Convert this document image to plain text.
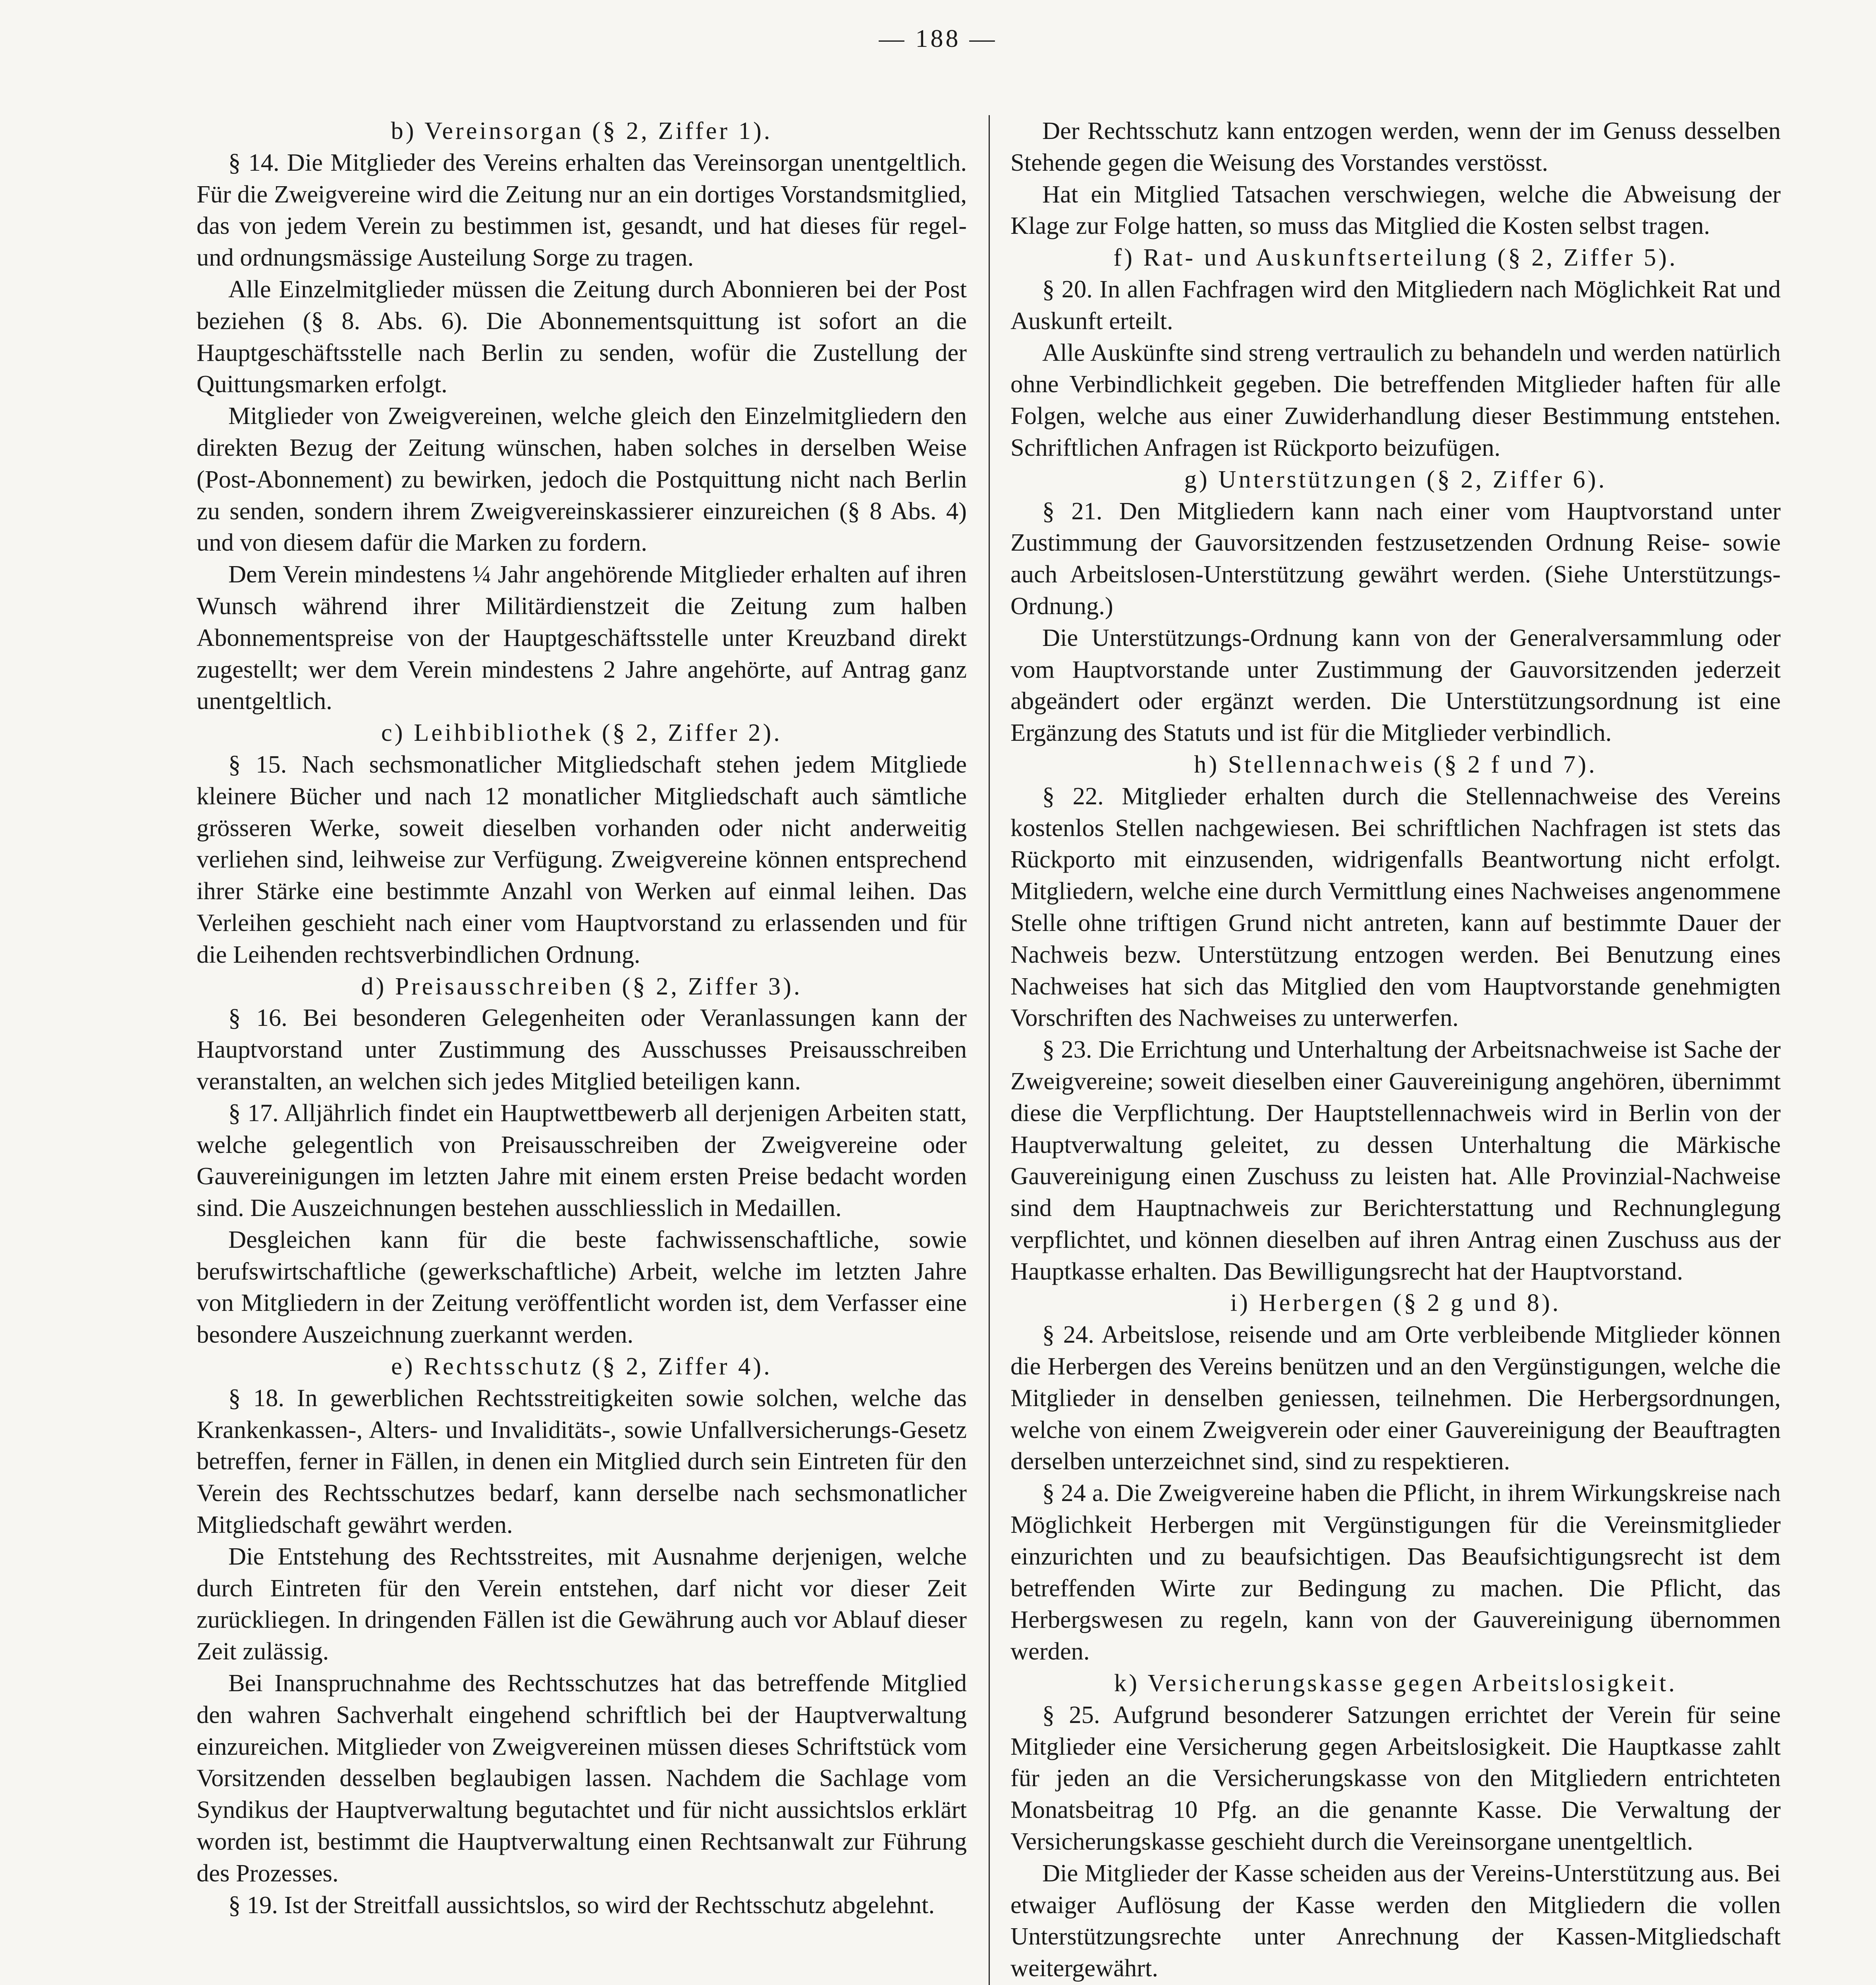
— 188 —

b) Vereinsorgan (§ 2, Ziffer 1).

§ 14. Die Mitglieder des Vereins erhalten das Vereinsorgan unentgeltlich. Für die Zweigvereine wird die Zeitung nur an ein dortiges Vorstandsmitglied, das von jedem Verein zu bestimmen ist, gesandt, und hat dieses für regel- und ordnungsmässige Austeilung Sorge zu tragen.

Alle Einzelmitglieder müssen die Zeitung durch Abonnieren bei der Post beziehen (§ 8. Abs. 6). Die Abonnementsquittung ist sofort an die Hauptgeschäftsstelle nach Berlin zu senden, wofür die Zustellung der Quittungsmarken erfolgt.

Mitglieder von Zweigvereinen, welche gleich den Einzelmitgliedern den direkten Bezug der Zeitung wünschen, haben solches in derselben Weise (Post-Abonnement) zu bewirken, jedoch die Postquittung nicht nach Berlin zu senden, sondern ihrem Zweigvereinskassierer einzureichen (§ 8 Abs. 4) und von diesem dafür die Marken zu fordern.

Dem Verein mindestens ¼ Jahr angehörende Mitglieder erhalten auf ihren Wunsch während ihrer Militärdienstzeit die Zeitung zum halben Abonnementspreise von der Hauptgeschäftsstelle unter Kreuzband direkt zugestellt; wer dem Verein mindestens 2 Jahre angehörte, auf Antrag ganz unentgeltlich.

c) Leihbibliothek (§ 2, Ziffer 2).

§ 15. Nach sechsmonatlicher Mitgliedschaft stehen jedem Mitgliede kleinere Bücher und nach 12 monatlicher Mitgliedschaft auch sämtliche grösseren Werke, soweit dieselben vorhanden oder nicht anderweitig verliehen sind, leihweise zur Verfügung. Zweigvereine können entsprechend ihrer Stärke eine bestimmte Anzahl von Werken auf einmal leihen. Das Verleihen geschieht nach einer vom Hauptvorstand zu erlassenden und für die Leihenden rechtsverbindlichen Ordnung.

d) Preisausschreiben (§ 2, Ziffer 3).

§ 16. Bei besonderen Gelegenheiten oder Veranlassungen kann der Hauptvorstand unter Zustimmung des Ausschusses Preisausschreiben veranstalten, an welchen sich jedes Mitglied beteiligen kann.

§ 17. Alljährlich findet ein Hauptwettbewerb all derjenigen Arbeiten statt, welche gelegentlich von Preisausschreiben der Zweigvereine oder Gauvereinigungen im letzten Jahre mit einem ersten Preise bedacht worden sind. Die Auszeichnungen bestehen ausschliesslich in Medaillen.

Desgleichen kann für die beste fachwissenschaftliche, sowie berufswirtschaftliche (gewerkschaftliche) Arbeit, welche im letzten Jahre von Mitgliedern in der Zeitung veröffentlicht worden ist, dem Verfasser eine besondere Auszeichnung zuerkannt werden.

e) Rechtsschutz (§ 2, Ziffer 4).

§ 18. In gewerblichen Rechtsstreitigkeiten sowie solchen, welche das Krankenkassen-, Alters- und Invaliditäts-, sowie Unfallversicherungs-Gesetz betreffen, ferner in Fällen, in denen ein Mitglied durch sein Eintreten für den Verein des Rechtsschutzes bedarf, kann derselbe nach sechsmonatlicher Mitgliedschaft gewährt werden.

Die Entstehung des Rechtsstreites, mit Ausnahme derjenigen, welche durch Eintreten für den Verein entstehen, darf nicht vor dieser Zeit zurückliegen. In dringenden Fällen ist die Gewährung auch vor Ablauf dieser Zeit zulässig.

Bei Inanspruchnahme des Rechtsschutzes hat das betreffende Mitglied den wahren Sachverhalt eingehend schriftlich bei der Hauptverwaltung einzureichen. Mitglieder von Zweigvereinen müssen dieses Schriftstück vom Vorsitzenden desselben beglaubigen lassen. Nachdem die Sachlage vom Syndikus der Hauptverwaltung begutachtet und für nicht aussichtslos erklärt worden ist, bestimmt die Hauptverwaltung einen Rechtsanwalt zur Führung des Prozesses.

§ 19. Ist der Streitfall aussichtslos, so wird der Rechtsschutz abgelehnt.

Der Rechtsschutz kann entzogen werden, wenn der im Genuss desselben Stehende gegen die Weisung des Vorstandes verstösst.

Hat ein Mitglied Tatsachen verschwiegen, welche die Abweisung der Klage zur Folge hatten, so muss das Mitglied die Kosten selbst tragen.

f) Rat- und Auskunftserteilung (§ 2, Ziffer 5).

§ 20. In allen Fachfragen wird den Mitgliedern nach Möglichkeit Rat und Auskunft erteilt.

Alle Auskünfte sind streng vertraulich zu behandeln und werden natürlich ohne Verbindlichkeit gegeben. Die betreffenden Mitglieder haften für alle Folgen, welche aus einer Zuwiderhandlung dieser Bestimmung entstehen. Schriftlichen Anfragen ist Rückporto beizufügen.

g) Unterstützungen (§ 2, Ziffer 6).

§ 21. Den Mitgliedern kann nach einer vom Hauptvorstand unter Zustimmung der Gauvorsitzenden festzusetzenden Ordnung Reise- sowie auch Arbeitslosen-Unterstützung gewährt werden. (Siehe Unterstützungs-Ordnung.)

Die Unterstützungs-Ordnung kann von der Generalversammlung oder vom Hauptvorstande unter Zustimmung der Gauvorsitzenden jederzeit abgeändert oder ergänzt werden. Die Unterstützungsordnung ist eine Ergänzung des Statuts und ist für die Mitglieder verbindlich.

h) Stellennachweis (§ 2 f und 7).

§ 22. Mitglieder erhalten durch die Stellennachweise des Vereins kostenlos Stellen nachgewiesen. Bei schriftlichen Nachfragen ist stets das Rückporto mit einzusenden, widrigenfalls Beantwortung nicht erfolgt. Mitgliedern, welche eine durch Vermittlung eines Nachweises angenommene Stelle ohne triftigen Grund nicht antreten, kann auf bestimmte Dauer der Nachweis bezw. Unterstützung entzogen werden. Bei Benutzung eines Nachweises hat sich das Mitglied den vom Hauptvorstande genehmigten Vorschriften des Nachweises zu unterwerfen.

§ 23. Die Errichtung und Unterhaltung der Arbeitsnachweise ist Sache der Zweigvereine; soweit dieselben einer Gauvereinigung angehören, übernimmt diese die Verpflichtung. Der Hauptstellennachweis wird in Berlin von der Hauptverwaltung geleitet, zu dessen Unterhaltung die Märkische Gauvereinigung einen Zuschuss zu leisten hat. Alle Provinzial-Nachweise sind dem Hauptnachweis zur Berichterstattung und Rechnunglegung verpflichtet, und können dieselben auf ihren Antrag einen Zuschuss aus der Hauptkasse erhalten. Das Bewilligungsrecht hat der Hauptvorstand.

i) Herbergen (§ 2 g und 8).

§ 24. Arbeitslose, reisende und am Orte verbleibende Mitglieder können die Herbergen des Vereins benützen und an den Vergünstigungen, welche die Mitglieder in denselben geniessen, teilnehmen. Die Herbergsordnungen, welche von einem Zweigverein oder einer Gauvereinigung der Beauftragten derselben unterzeichnet sind, sind zu respektieren.

§ 24 a. Die Zweigvereine haben die Pflicht, in ihrem Wirkungskreise nach Möglichkeit Herbergen mit Vergünstigungen für die Vereinsmitglieder einzurichten und zu beaufsichtigen. Das Beaufsichtigungsrecht ist dem betreffenden Wirte zur Bedingung zu machen. Die Pflicht, das Herbergswesen zu regeln, kann von der Gauvereinigung übernommen werden.

k) Versicherungskasse gegen Arbeitslosigkeit.

§ 25. Aufgrund besonderer Satzungen errichtet der Verein für seine Mitglieder eine Versicherung gegen Arbeitslosigkeit. Die Hauptkasse zahlt für jeden an die Versicherungskasse von den Mitgliedern entrichteten Monatsbeitrag 10 Pfg. an die genannte Kasse. Die Verwaltung der Versicherungskasse geschieht durch die Vereinsorgane unentgeltlich.

Die Mitglieder der Kasse scheiden aus der Vereins-Unterstützung aus. Bei etwaiger Auflösung der Kasse werden den Mitgliedern die vollen Unterstützungsrechte unter Anrechnung der Kassen-Mitgliedschaft weitergewährt.
